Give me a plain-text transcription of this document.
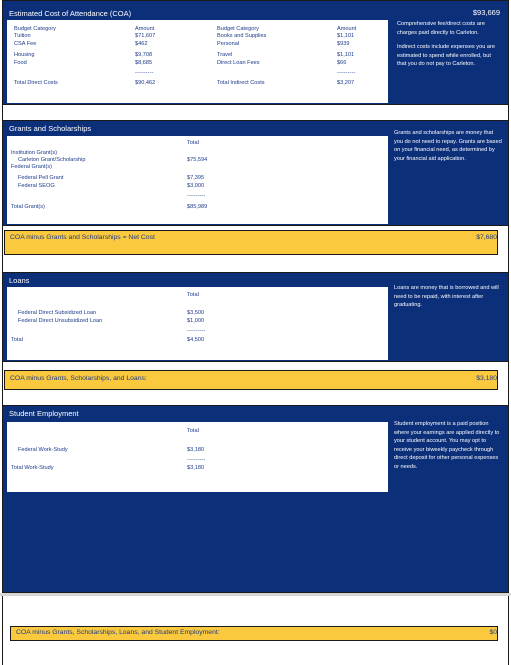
Estimated Cost of Attendance (COA)	$93,669
Comprehensive fee/direct costs are charges paid directly to Carleton.
Indirect costs include expenses you are estimated to spend while enrolled, but that you do not pay to Carleton.
Budget Category	Amount
Tuition	$71,607
CSA Fee	$462
Housing	$9,708
Food	$8,685
---------
Total Direct Costs	$90,462
Budget Category	Amount
Books and Supplies	$1,101
Personal	$939
Travel	$1,101
Direct Loan Fees	$66
---------
Total Indirect Costs	$3,207
Grants and Scholarships	Grants and scholarships are money that you do not need to repay. Grants are based on your financial need, as determined by your financial aid application.
Total
Institution Grant(s)
Carleton Grant/Scholarship	$75,594
Federal Grant(s)
Federal Pell Grant	$7,395
Federal SEOG	$3,000
---------
Total Grant(s)	$85,989
COA minus Grants and Scholarships = Net Cost	$7,680
Loans
Loans are money that is borrowed and will need to be repaid, with interest after graduating.
Total
Federal Direct Subsidized Loan	$3,500
Federal Direct Unsubsidized Loan	$1,000
---------
Total	$4,500
COA minus Grants, Scholarships, and Loans:	$3,180
Student Employment
Student employment is a paid position where your earnings are applied directly to your student account. You may opt to receive your biweekly paycheck through direct deposit for other personal expenses or needs.
Total
Federal Work-Study	$3,180
---------
Total Work-Study	$3,180
COA minus Grants, Scholarships, Loans, and Student Employment:	$0
